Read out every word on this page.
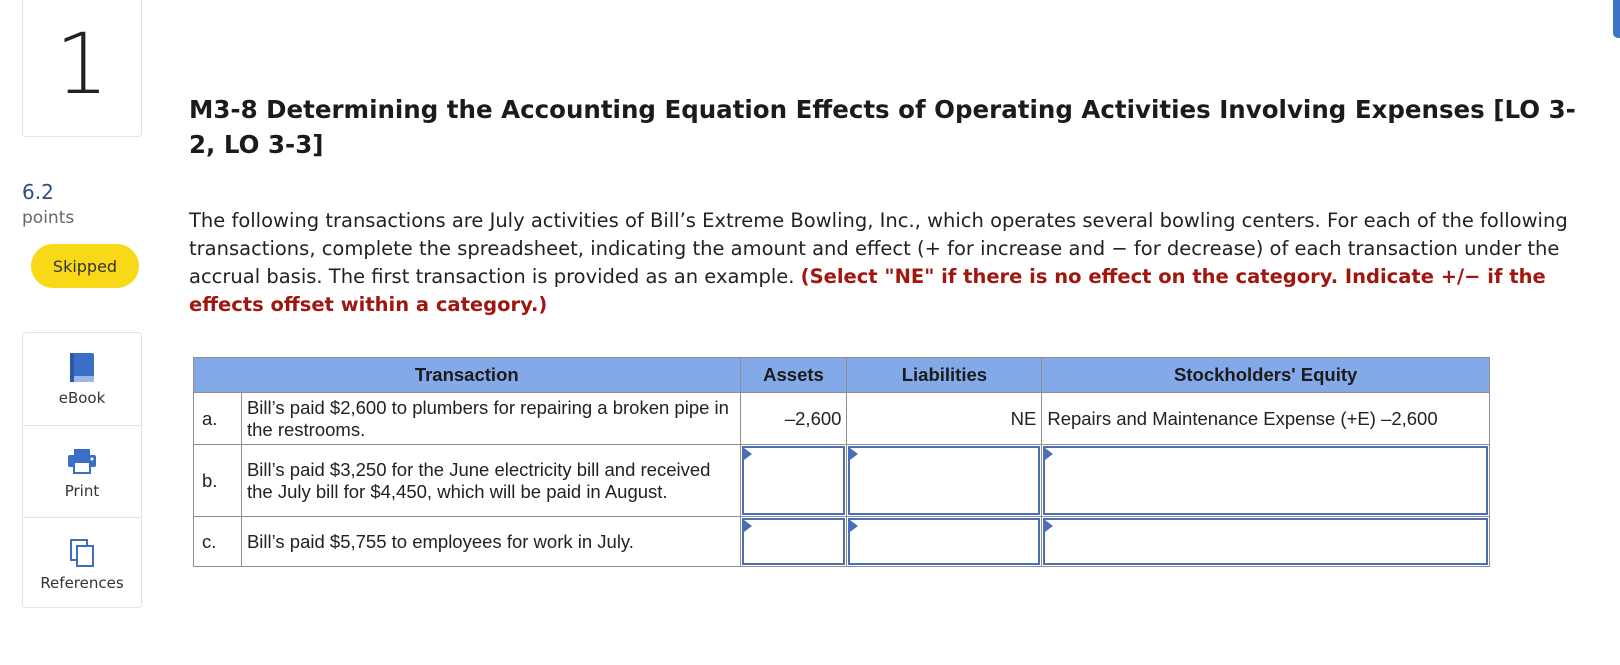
1
6.2
points
Skipped
eBook
Print
References
M3-8 Determining the Accounting Equation Effects of Operating Activities Involving Expenses [LO 3-2, LO 3-3]
The following transactions are July activities of Bill’s Extreme Bowling, Inc., which operates several bowling centers. For each of the following transactions, complete the spreadsheet, indicating the amount and effect (+ for increase and − for decrease) of each transaction under the accrual basis. The first transaction is provided as an example. (Select "NE" if there is no effect on the category. Indicate +/− if the effects offset within a category.)
Transaction		Assets	Liabilities	Stockholders' Equity
a.	Bill’s paid $2,600 to plumbers for repairing a broken pipe in the restrooms.	–2,600	NE	Repairs and Maintenance Expense (+E) –2,600
b.	Bill’s paid $3,250 for the June electricity bill and received the July bill for $4,450, which will be paid in August.	

c.	Bill’s paid $5,755 to employees for work in July.	
